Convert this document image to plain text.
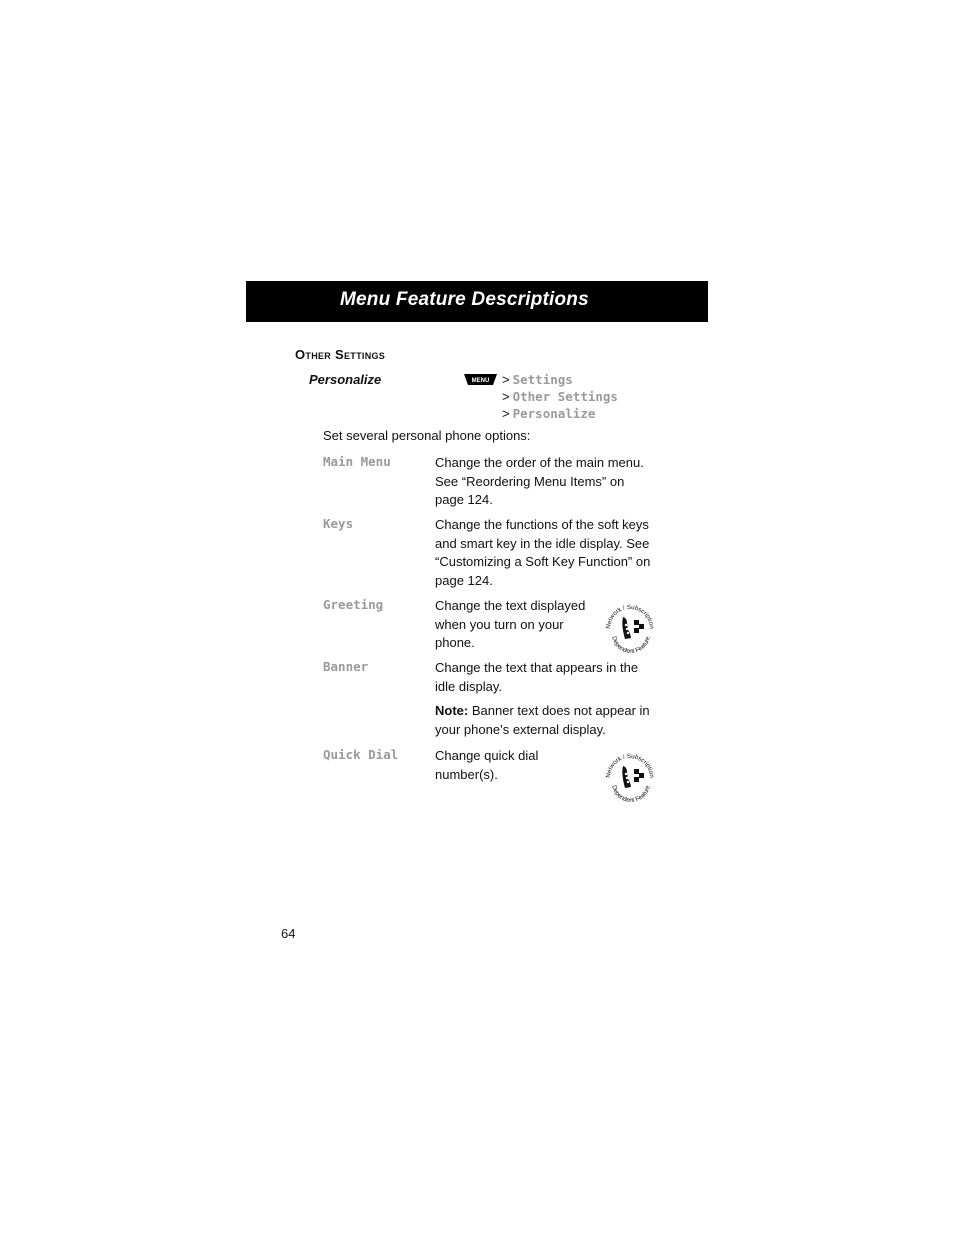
Menu Feature Descriptions
Other Settings
Personalize	MENU > Settings
> Other Settings
> Personalize
Set several personal phone options:
Main Menu	Change the order of the main menu.
See “Reordering Menu Items” on
page 124.
Keys	Change the functions of the soft keys
and smart key in the idle display. See
“Customizing a Soft Key Function” on
page 124.
Greeting	Change the text displayed
when you turn on your
phone.
Banner	Change the text that appears in the
idle display.
Note: Banner text does not appear in
your phone’s external display.
Quick Dial	Change quick dial
number(s).
Network / Subscription
Dependent Feature
Network / Subscription
Dependent Feature
64
